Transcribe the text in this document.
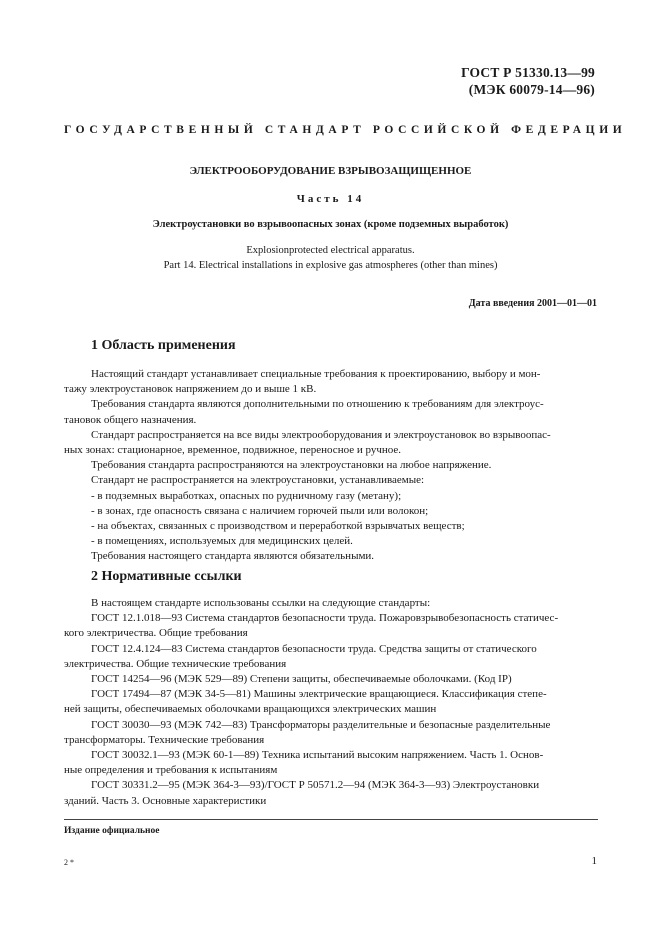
ГОСТ Р 51330.13—99
(МЭК 60079-14—96)
ГОСУДАРСТВЕННЫЙ СТАНДАРТ РОССИЙСКОЙ ФЕДЕРАЦИИ
ЭЛЕКТРООБОРУДОВАНИЕ ВЗРЫВОЗАЩИЩЕННОЕ
Часть 14
Электроустановки во взрывоопасных зонах (кроме подземных выработок)
Explosionprotected electrical apparatus.
Part 14. Electrical installations in explosive gas atmospheres (other than mines)
Дата введения 2001—01—01
1 Область применения
Настоящий стандарт устанавливает специальные требования к проектированию, выбору и мон-
тажу электроустановок напряжением до и выше 1 кВ.
Требования стандарта являются дополнительными по отношению к требованиям для электроус-
тановок общего назначения.
Стандарт распространяется на все виды электрооборудования и электроустановок во взрывоопас-
ных зонах: стационарное, временное, подвижное, переносное и ручное.
Требования стандарта распространяются на электроустановки на любое напряжение.
Стандарт не распространяется на электроустановки, устанавливаемые:
- в подземных выработках, опасных по рудничному газу (метану);
- в зонах, где опасность связана с наличием горючей пыли или волокон;
- на объектах, связанных с производством и переработкой взрывчатых веществ;
- в помещениях, используемых для медицинских целей.
Требования настоящего стандарта являются обязательными.
2 Нормативные ссылки
В настоящем стандарте использованы ссылки на следующие стандарты:
ГОСТ 12.1.018—93 Система стандартов безопасности труда. Пожаровзрывобезопасность статичес-
кого электричества. Общие требования
ГОСТ 12.4.124—83 Система стандартов безопасности труда. Средства защиты от статического
электричества. Общие технические требования
ГОСТ 14254—96 (МЭК 529—89) Степени защиты, обеспечиваемые оболочками. (Код IP)
ГОСТ 17494—87 (МЭК 34-5—81) Машины электрические вращающиеся. Классификация степе-
ней защиты, обеспечиваемых оболочками вращающихся электрических машин
ГОСТ 30030—93 (МЭК 742—83) Трансформаторы разделительные и безопасные разделительные
трансформаторы. Технические требования
ГОСТ 30032.1—93 (МЭК 60-1—89) Техника испытаний высоким напряжением. Часть 1. Основ-
ные определения и требования к испытаниям
ГОСТ 30331.2—95 (МЭК 364-3—93)/ГОСТ Р 50571.2—94 (МЭК 364-3—93) Электроустановки
зданий. Часть 3. Основные характеристики
Издание официальное
2 *	1
